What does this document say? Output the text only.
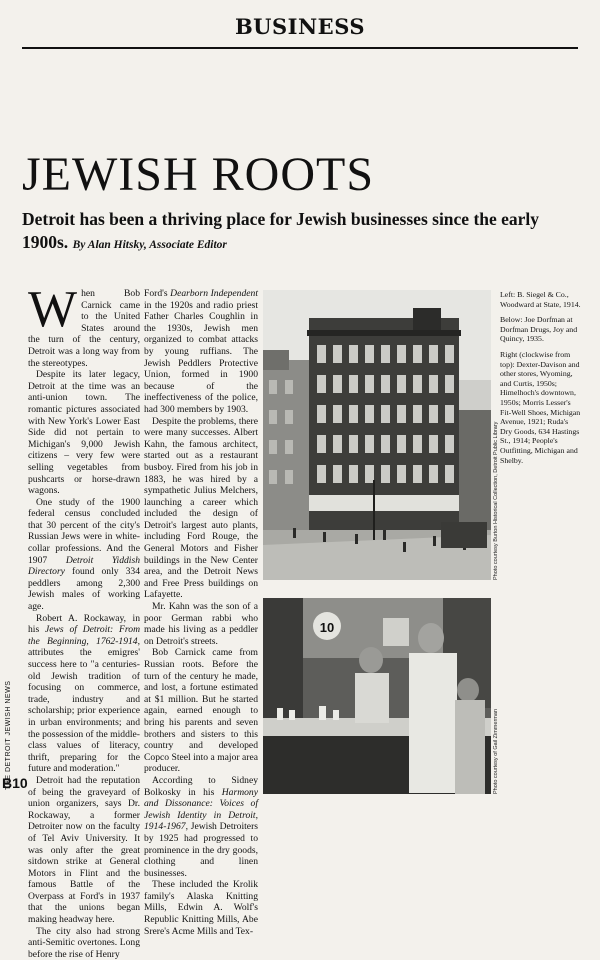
BUSINESS
JEWISH ROOTS
Detroit has been a thriving place for Jewish businesses since the early 1900s. By Alan Hitsky, Associate Editor

When Bob Carnick came to the United States around the turn of the century, Detroit was a long way from the stereotypes.

Despite its later legacy, Detroit at the time was an anti-union town. The romantic pictures associated with New York's Lower East Side did not pertain to Michigan's 9,000 Jewish citizens – very few were selling vegetables from pushcarts or horse-drawn wagons.

One study of the 1900 federal census concluded that 30 percent of the city's Russian Jews were in white-collar professions. And the 1907 Detroit Yiddish Directory found only 334 peddlers among 2,300 Jewish males of working age.

Robert A. Rockaway, in his Jews of Detroit: From the Beginning, 1762-1914, attributes the emigres' success here to "a centuries-old Jewish tradition of focusing on commerce, trade, industry and scholarship; prior experience in urban environments; and the possession of the middle-class values of literacy, thrift, preparing for the future and moderation."

Detroit had the reputation of being the graveyard of union organizers, says Dr. Rockaway, a former Detroiter now on the faculty of Tel Aviv University. It was only after the great sitdown strike at General Motors in Flint and the famous Battle of the Overpass at Ford's in 1937 that the unions began making headway here.

The city also had strong anti-Semitic overtones. Long before the rise of Henry

Ford's Dearborn Independent in the 1920s and radio priest Father Charles Coughlin in the 1930s, Jewish men organized to combat attacks by young ruffians. The Jewish Peddlers Protective Union, formed in 1900 because of the ineffectiveness of the police, had 300 members by 1903.

Despite the problems, there were many successes. Albert Kahn, the famous architect, started out as a restaurant busboy. Fired from his job in 1883, he was hired by a sympathetic Julius Melchers, launching a career which included the design of Detroit's largest auto plants, including Ford Rouge, the General Motors and Fisher buildings in the New Center area, and the Detroit News and Free Press buildings on Lafayette.

Mr. Kahn was the son of a poor German rabbi who made his living as a peddler on Detroit's streets.

Bob Carnick came from Russian roots. Before the turn of the century he made, and lost, a fortune estimated at $1 million. But he started again, earned enough to bring his parents and seven brothers and sisters to this country and developed Copco Steel into a major area producer.

According to Sidney Bolkosky in his Harmony and Dissonance: Voices of Jewish Identity in Detroit, 1914-1967, Jewish Detroiters by 1925 had progressed to prominence in the dry goods, clothing and linen businesses.

These included the Krolik family's Alaska Knitting Mills, Edwin A. Wolf's Republic Knitting Mills, Abe Srere's Acme Mills and Tex-

Photo courtesy Burton Historical Collection, Detroit Public Library

Left: B. Siegel & Co., Woodward at State, 1914.

Below: Joe Dorfman at Dorfman Drugs, Joy and Quincy, 1935.

Right (clockwise from top): Dexter-Davison and other stores, Wyoming, and Curtis, 1950s; Himelhoch's downtown, 1950s; Morris Lesser's Fit-Well Shoes, Michigan Avenue, 1921; Ruda's Dry Goods, 634 Hastings St., 1914; People's Outfitting, Michigan and Shelby.

10
Photo courtesy of Gail Zimmerman
THE DETROIT JEWISH NEWS
B10
